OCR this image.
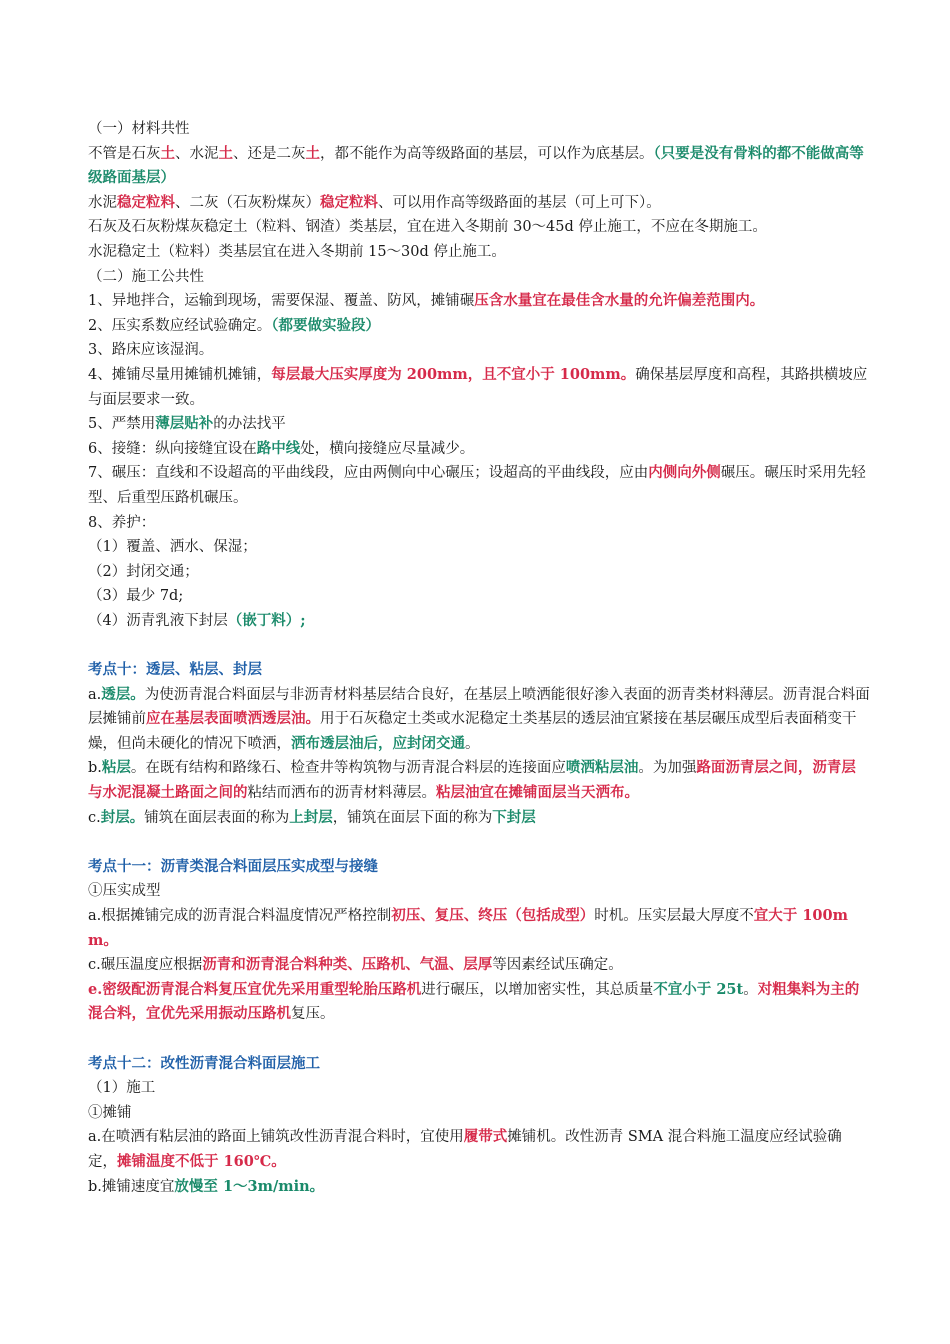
（一）材料共性

不管是石灰土、水泥土、还是二灰土，都不能作为高等级路面的基层，可以作为底基层。（只要是没有骨料的都不能做高等级路面基层）

水泥稳定粒料、二灰（石灰粉煤灰）稳定粒料、可以用作高等级路面的基层（可上可下）。

石灰及石灰粉煤灰稳定土（粒料、钢渣）类基层，宜在进入冬期前 30～45d 停止施工，不应在冬期施工。

水泥稳定土（粒料）类基层宜在进入冬期前 15～30d 停止施工。

（二）施工公共性

1、异地拌合，运输到现场，需要保湿、覆盖、防风，摊铺碾压含水量宜在最佳含水量的允许偏差范围内。

2、压实系数应经试验确定。（都要做实验段）

3、路床应该湿润。

4、摊铺尽量用摊铺机摊铺，每层最大压实厚度为 200mm，且不宜小于 100mm。确保基层厚度和高程，其路拱横坡应与面层要求一致。

5、严禁用薄层贴补的办法找平

6、接缝：纵向接缝宜设在路中线处，横向接缝应尽量减少。

7、碾压：直线和不设超高的平曲线段，应由两侧向中心碾压；设超高的平曲线段，应由内侧向外侧碾压。碾压时采用先轻型、后重型压路机碾压。

8、养护：

（1）覆盖、洒水、保湿；

（2）封闭交通；

（3）最少 7d;

（4）沥青乳液下封层（嵌丁料）;

考点十：透层、粘层、封层

a.透层。为使沥青混合料面层与非沥青材料基层结合良好，在基层上喷洒能很好渗入表面的沥青类材料薄层。沥青混合料面层摊铺前应在基层表面喷洒透层油。用于石灰稳定土类或水泥稳定土类基层的透层油宜紧接在基层碾压成型后表面稍变干燥，但尚未硬化的情况下喷洒，洒布透层油后，应封闭交通。

b.粘层。在既有结构和路缘石、检查井等构筑物与沥青混合料层的连接面应喷洒粘层油。为加强路面沥青层之间，沥青层与水泥混凝土路面之间的粘结而洒布的沥青材料薄层。粘层油宜在摊铺面层当天洒布。

c.封层。铺筑在面层表面的称为上封层，铺筑在面层下面的称为下封层

考点十一：沥青类混合料面层压实成型与接缝

①压实成型

a.根据摊铺完成的沥青混合料温度情况严格控制初压、复压、终压（包括成型）时机。压实层最大厚度不宜大于 100mm。

c.碾压温度应根据沥青和沥青混合料种类、压路机、气温、层厚等因素经试压确定。

e.密级配沥青混合料复压宜优先采用重型轮胎压路机进行碾压，以增加密实性，其总质量不宜小于 25t。对粗集料为主的混合料，宜优先采用振动压路机复压。

考点十二：改性沥青混合料面层施工

（1）施工

①摊铺

a.在喷洒有粘层油的路面上铺筑改性沥青混合料时，宜使用履带式摊铺机。改性沥青 SMA 混合料施工温度应经试验确定，摊铺温度不低于 160℃。

b.摊铺速度宜放慢至 1～3m/min。
